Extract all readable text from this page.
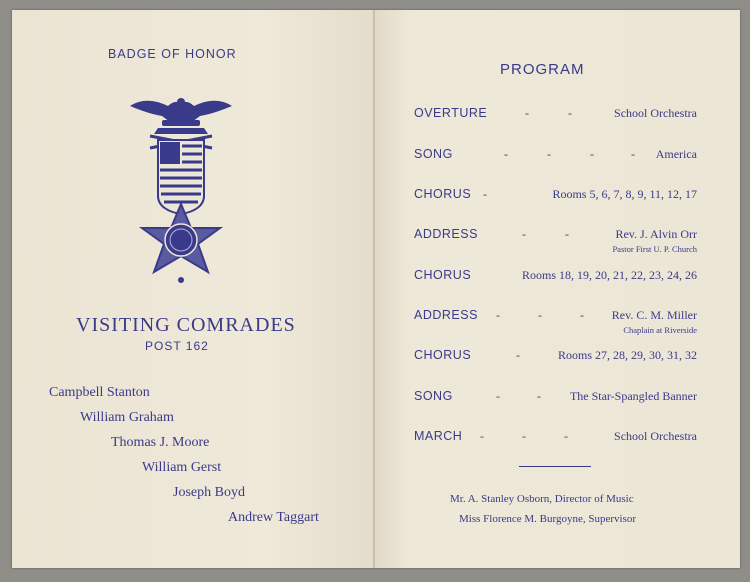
BADGE OF HONOR
VISITING COMRADES
POST 162
Campbell Stanton
William Graham
Thomas J. Moore
William Gerst
Joseph Boyd
Andrew Taggart
PROGRAM
OVERTURE	-	-	School Orchestra
SONG	-	-	-	- America
CHORUS -	Rooms 5, 6, 7, 8, 9, 11, 12, 17
ADDRESS	-	-	Rev. J. Alvin Orr
Pastor First U. P. Church
CHORUS	Rooms 18, 19, 20, 21, 22, 23, 24, 26
ADDRESS -	-	- Rev. C. M. Miller
Chaplain at Riverside
CHORUS	-	Rooms 27, 28, 29, 30, 31, 32
SONG	-	- The Star-Spangled Banner
MARCH -	-	-	School Orchestra
Mr. A. Stanley Osborn, Director of Music
Miss Florence M. Burgoyne, Supervisor
